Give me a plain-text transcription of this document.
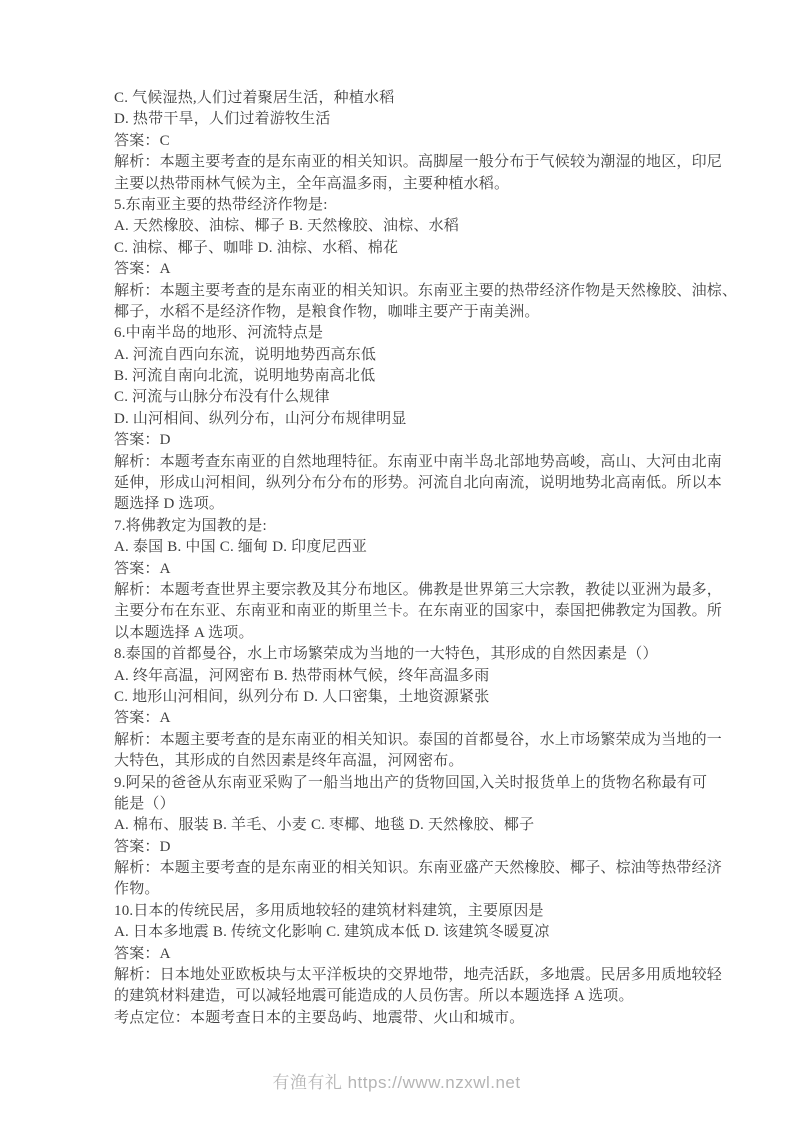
C. 气候湿热,人们过着聚居生活，种植水稻
D. 热带干旱，人们过着游牧生活
答案：C
解析：本题主要考查的是东南亚的相关知识。高脚屋一般分布于气候较为潮湿的地区，印尼
主要以热带雨林气候为主，全年高温多雨，主要种植水稻。
5.东南亚主要的热带经济作物是:
A. 天然橡胶、油棕、椰子 B. 天然橡胶、油棕、水稻
C. 油棕、椰子、咖啡 D. 油棕、水稻、棉花
答案：A
解析：本题主要考查的是东南亚的相关知识。东南亚主要的热带经济作物是天然橡胶、油棕、
椰子，水稻不是经济作物，是粮食作物，咖啡主要产于南美洲。
6.中南半岛的地形、河流特点是
A. 河流自西向东流，说明地势西高东低
B. 河流自南向北流，说明地势南高北低
C. 河流与山脉分布没有什么规律
D. 山河相间、纵列分布，山河分布规律明显
答案：D
解析：本题考查东南亚的自然地理特征。东南亚中南半岛北部地势高峻，高山、大河由北南
延伸，形成山河相间，纵列分布分布的形势。河流自北向南流，说明地势北高南低。所以本
题选择 D 选项。
7.将佛教定为国教的是:
A. 泰国 B. 中国 C. 缅甸 D. 印度尼西亚
答案：A
解析：本题考查世界主要宗教及其分布地区。佛教是世界第三大宗教，教徒以亚洲为最多，
主要分布在东亚、东南亚和南亚的斯里兰卡。在东南亚的国家中，泰国把佛教定为国教。所
以本题选择 A 选项。
8.泰国的首都曼谷，水上市场繁荣成为当地的一大特色，其形成的自然因素是（）
A. 终年高温，河网密布 B. 热带雨林气候，终年高温多雨
C. 地形山河相间，纵列分布 D. 人口密集，土地资源紧张
答案：A
解析：本题主要考查的是东南亚的相关知识。泰国的首都曼谷，水上市场繁荣成为当地的一
大特色，其形成的自然因素是终年高温，河网密布。
9.阿呆的爸爸从东南亚采购了一船当地出产的货物回国,入关时报货单上的货物名称最有可
能是（）
A. 棉布、服装 B. 羊毛、小麦 C. 枣椰、地毯 D. 天然橡胶、椰子
答案：D
解析：本题主要考查的是东南亚的相关知识。东南亚盛产天然橡胶、椰子、棕油等热带经济
作物。
10.日本的传统民居，多用质地较轻的建筑材料建筑，主要原因是
A. 日本多地震 B. 传统文化影响 C. 建筑成本低 D. 该建筑冬暖夏凉
答案：A
解析：日本地处亚欧板块与太平洋板块的交界地带，地壳活跃，多地震。民居多用质地较轻
的建筑材料建造，可以减轻地震可能造成的人员伤害。所以本题选择 A 选项。
考点定位：本题考查日本的主要岛屿、地震带、火山和城市。
有渔有礼 https://www.nzxwl.net
